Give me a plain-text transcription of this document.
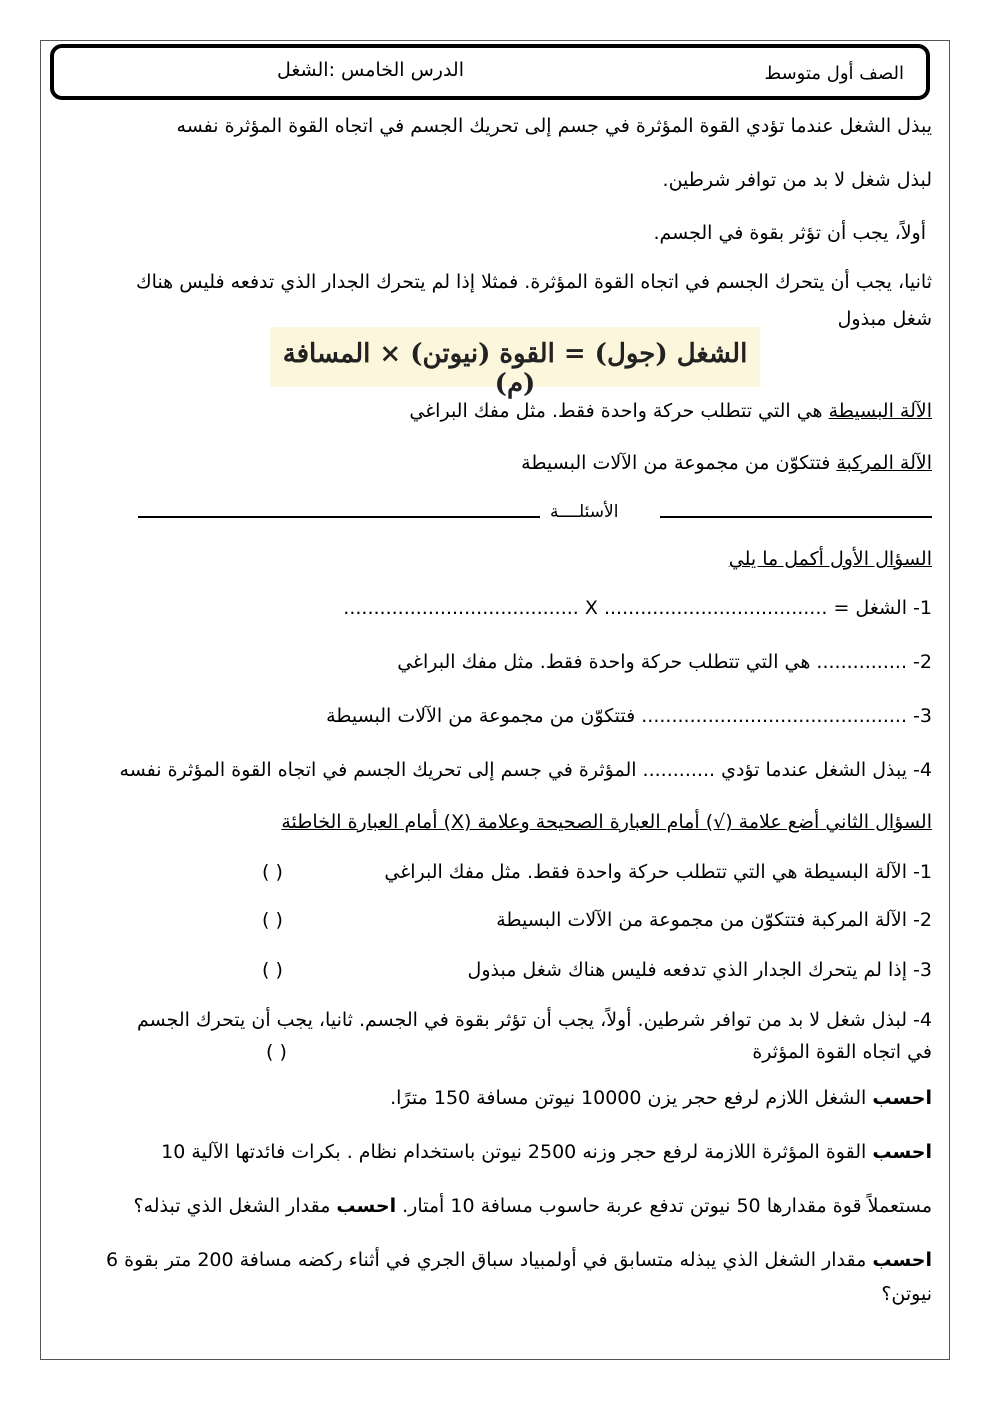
الصف أول متوسط
الدرس الخامس :الشغل
يبذل الشغل عندما تؤدي القوة المؤثرة في جسم إلى تحريك الجسم في اتجاه القوة المؤثرة نفسه
لبذل شغل لا بد من توافر شرطين.
أولاً، يجب أن تؤثر بقوة في الجسم.
ثانيا، يجب أن يتحرك الجسم في اتجاه القوة المؤثرة. فمثلا إذا لم يتحرك الجدار الذي تدفعه فليس هناك
شغل مبذول
الشغل (جول) = القوة (نيوتن) × المسافة (م)
الآلة البسيطة هي التي تتطلب حركة واحدة فقط. مثل مفك البراغي
الآلة المركبة فتتكوّن من مجموعة من الآلات البسيطة
الأسئلــــة
السؤال الأول أكمل ما يلي
1- الشغل = ..................................... X .......................................
2- ............... هي التي تتطلب حركة واحدة فقط. مثل مفك البراغي
3- ............................................ فتتكوّن من مجموعة من الآلات البسيطة
4- يبذل الشغل عندما تؤدي ............ المؤثرة في جسم إلى تحريك الجسم في اتجاه القوة المؤثرة نفسه
السؤال الثاني أضع علامة (√) أمام العبارة الصحيحة وعلامة (X) أمام العبارة الخاطئة
1- الآلة البسيطة هي التي تتطلب حركة واحدة فقط. مثل مفك البراغي
( )
2- الآلة المركبة فتتكوّن من مجموعة من الآلات البسيطة
( )
3- إذا لم يتحرك الجدار الذي تدفعه فليس هناك شغل مبذول
( )
4- لبذل شغل لا بد من توافر شرطين. أولاً، يجب أن تؤثر بقوة في الجسم. ثانيا، يجب أن يتحرك الجسم
في اتجاه القوة المؤثرة
( )
احسب الشغل اللازم لرفع حجر يزن 10000 نيوتن مسافة 150 مترًا.
احسب القوة المؤثرة اللازمة لرفع حجر وزنه 2500 نيوتن باستخدام نظام . بكرات فائدتها الآلية 10
مستعملاً قوة مقدارها 50 نيوتن تدفع عربة حاسوب مسافة 10 أمتار. احسب مقدار الشغل الذي تبذله؟
احسب مقدار الشغل الذي يبذله متسابق في أولمبياد سباق الجري في أثناء ركضه مسافة 200 متر بقوة 6
نيوتن؟
